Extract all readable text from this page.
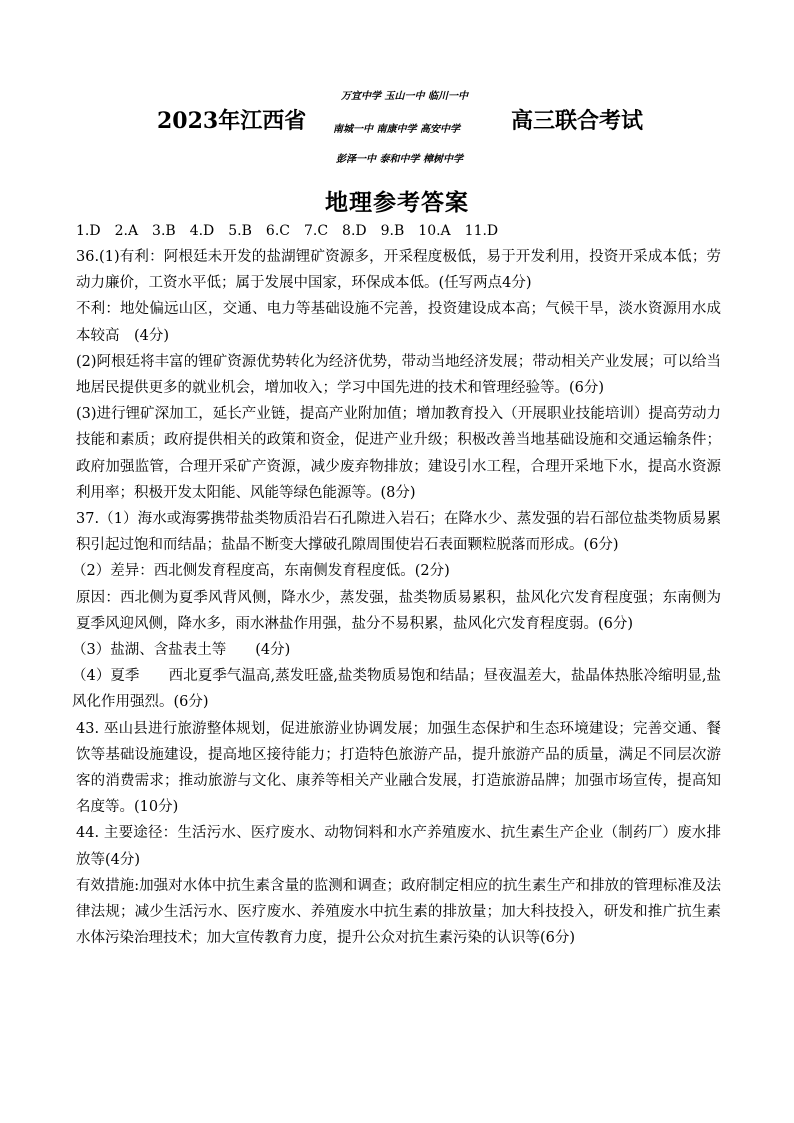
万宜中学 玉山一中 临川一中
2023年江西省	南城一中 南康中学 高安中学 高三联合考试
彭泽一中 泰和中学 樟树中学
地理参考答案
1.D　2.A　3.B　4.D　5.B　6.C　7.C　8.D　9.B　10.A　11.D

36.(1)有利：阿根廷未开发的盐湖锂矿资源多，开采程度极低，易于开发利用，投资开采成本低；劳动力廉价，工资水平低；属于发展中国家，环保成本低。(任写两点4分)

不利：地处偏远山区，交通、电力等基础设施不完善，投资建设成本高；气候干旱，淡水资源用水成本较高　(4分)

(2)阿根廷将丰富的锂矿资源优势转化为经济优势，带动当地经济发展；带动相关产业发展；可以给当地居民提供更多的就业机会，增加收入；学习中国先进的技术和管理经验等。(6分)

(3)进行锂矿深加工，延长产业链，提高产业附加值；增加教育投入（开展职业技能培训）提高劳动力技能和素质；政府提供相关的政策和资金，促进产业升级；积极改善当地基础设施和交通运输条件；政府加强监管，合理开采矿产资源，减少废弃物排放；建设引水工程，合理开采地下水，提高水资源利用率；积极开发太阳能、风能等绿色能源等。(8分)

37.（1）海水或海雾携带盐类物质沿岩石孔隙进入岩石；在降水少、蒸发强的岩石部位盐类物质易累积引起过饱和而结晶；盐晶不断变大撑破孔隙周围使岩石表面颗粒脱落而形成。(6分)

（2）差异：西北侧发育程度高，东南侧发育程度低。(2分)

原因：西北侧为夏季风背风侧，降水少，蒸发强，盐类物质易累积，盐风化穴发育程度强；东南侧为夏季风迎风侧，降水多，雨水淋盐作用强，盐分不易积累，盐风化穴发育程度弱。(6分)

（3）盐湖、含盐表土等　　(4分)

（4）夏季　　西北夏季气温高,蒸发旺盛,盐类物质易饱和结晶；昼夜温差大，盐晶体热胀冷缩明显,盐风化作用强烈。(6分)

43. 巫山县进行旅游整体规划，促进旅游业协调发展；加强生态保护和生态环境建设；完善交通、餐饮等基础设施建设，提高地区接待能力；打造特色旅游产品，提升旅游产品的质量，满足不同层次游客的消费需求；推动旅游与文化、康养等相关产业融合发展，打造旅游品牌；加强市场宣传，提高知名度等。(10分)

44. 主要途径：生活污水、医疗废水、动物饲料和水产养殖废水、抗生素生产企业（制药厂）废水排放等(4分)

有效措施:加强对水体中抗生素含量的监测和调查；政府制定相应的抗生素生产和排放的管理标准及法律法规；减少生活污水、医疗废水、养殖废水中抗生素的排放量；加大科技投入，研发和推广抗生素水体污染治理技术；加大宣传教育力度，提升公众对抗生素污染的认识等(6分)
